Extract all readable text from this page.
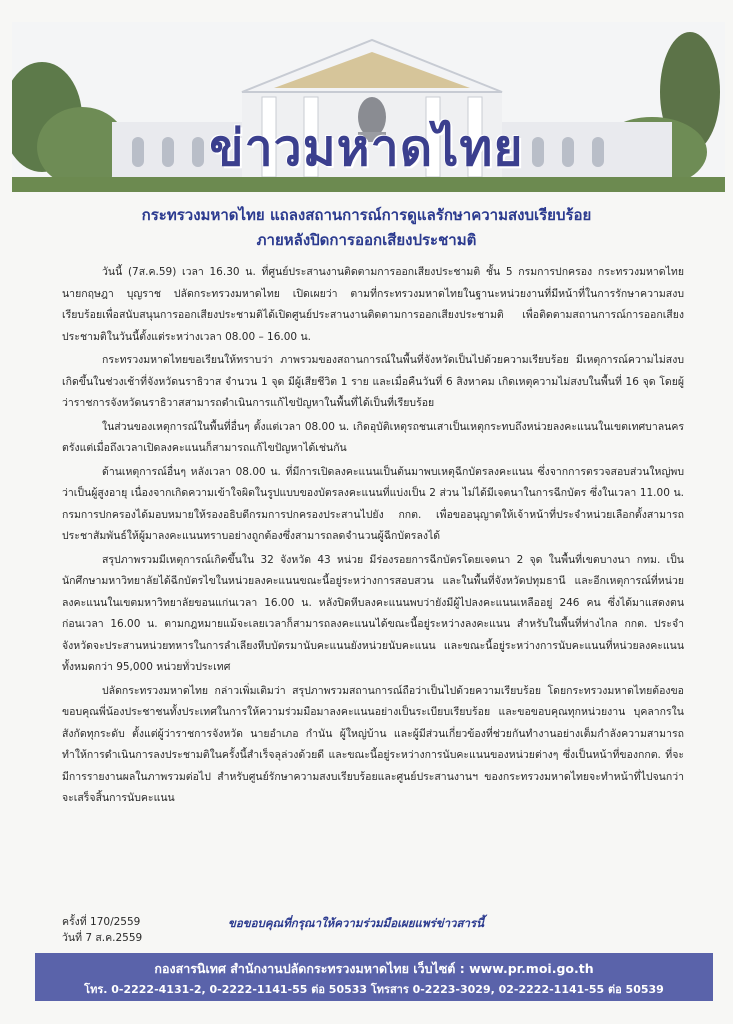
ข่าวมหาดไทย
กระทรวงมหาดไทย แถลงสถานการณ์การดูแลรักษาความสงบเรียบร้อย
ภายหลังปิดการออกเสียงประชามติ

วันนี้ (7ส.ค.59) เวลา 16.30 น. ที่ศูนย์ประสานงานติดตามการออกเสียงประชามติ ชั้น 5 กรมการปกครอง กระทรวงมหาดไทย นายกฤษฎา บุญราช ปลัดกระทรวงมหาดไทย เปิดเผยว่า ตามที่กระทรวงมหาดไทยในฐานะหน่วยงานที่มีหน้าที่ในการรักษาความสงบเรียบร้อยเพื่อสนับสนุนการออกเสียงประชามติได้เปิดศูนย์ประสานงานติดตามการออกเสียงประชามติ เพื่อติดตามสถานการณ์การออกเสียงประชามติในวันนี้ตั้งแต่ระหว่างเวลา 08.00 – 16.00 น.

กระทรวงมหาดไทยขอเรียนให้ทราบว่า ภาพรวมของสถานการณ์ในพื้นที่จังหวัดเป็นไปด้วยความเรียบร้อย มีเหตุการณ์ความไม่สงบเกิดขึ้นในช่วงเช้าที่จังหวัดนราธิวาส จำนวน 1 จุด มีผู้เสียชีวิต 1 ราย และเมื่อคืนวันที่ 6 สิงหาคม เกิดเหตุความไม่สงบในพื้นที่ 16 จุด โดยผู้ว่าราชการจังหวัดนราธิวาสสามารถดำเนินการแก้ไขปัญหาในพื้นที่ได้เป็นที่เรียบร้อย

ในส่วนของเหตุการณ์ในพื้นที่อื่นๆ ตั้งแต่เวลา 08.00 น. เกิดอุบัติเหตุรถชนเสาเป็นเหตุกระทบถึงหน่วยลงคะแนนในเขตเทศบาลนครตรังแต่เมื่อถึงเวลาเปิดลงคะแนนก็สามารถแก้ไขปัญหาได้เช่นกัน

ด้านเหตุการณ์อื่นๆ หลังเวลา 08.00 น. ที่มีการเปิดลงคะแนนเป็นต้นมาพบเหตุฉีกบัตรลงคะแนน ซึ่งจากการตรวจสอบส่วนใหญ่พบว่าเป็นผู้สูงอายุ เนื่องจากเกิดความเข้าใจผิดในรูปแบบของบัตรลงคะแนนที่แบ่งเป็น 2 ส่วน ไม่ได้มีเจตนาในการฉีกบัตร ซึ่งในเวลา 11.00 น. กรมการปกครองได้มอบหมายให้รองอธิบดีกรมการปกครองประสานไปยัง กกต. เพื่อขออนุญาตให้เจ้าหน้าที่ประจำหน่วยเลือกตั้งสามารถประชาสัมพันธ์ให้ผู้มาลงคะแนนทราบอย่างถูกต้องซึ่งสามารถลดจำนวนผู้ฉีกบัตรลงได้

สรุปภาพรวมมีเหตุการณ์เกิดขึ้นใน 32 จังหวัด 43 หน่วย มีร่องรอยการฉีกบัตรโดยเจตนา 2 จุด ในพื้นที่เขตบางนา กทม. เป็นนักศึกษามหาวิทยาลัยได้ฉีกบัตรไขในหน่วยลงคะแนนขณะนี้อยู่ระหว่างการสอบสวน และในพื้นที่จังหวัดปทุมธานี และอีกเหตุการณ์ที่หน่วยลงคะแนนในเขตมหาวิทยาลัยขอนแก่นเวลา 16.00 น. หลังปิดหีบลงคะแนนพบว่ายังมีผู้ไปลงคะแนนเหลืออยู่ 246 คน ซึ่งได้มาแสดงตน ก่อนเวลา 16.00 น. ตามกฎหมายแม้จะเลยเวลาก็สามารถลงคะแนนได้ขณะนี้อยู่ระหว่างลงคะแนน สำหรับในพื้นที่ห่างไกล กกต. ประจำจังหวัดจะประสานหน่วยทหารในการลำเลียงหีบบัตรมานับคะแนนยังหน่วยนับคะแนน และขณะนี้อยู่ระหว่างการนับคะแนนที่หน่วยลงคะแนนทั้งหมดกว่า 95,000 หน่วยทั่วประเทศ

ปลัดกระทรวงมหาดไทย กล่าวเพิ่มเติมว่า สรุปภาพรวมสถานการณ์ถือว่าเป็นไปด้วยความเรียบร้อย โดยกระทรวงมหาดไทยต้องขอขอบคุณพี่น้องประชาชนทั้งประเทศในการให้ความร่วมมือมาลงคะแนนอย่างเป็นระเบียบเรียบร้อย และขอขอบคุณทุกหน่วยงาน บุคลากรในสังกัดทุกระดับ ตั้งแต่ผู้ว่าราชการจังหวัด นายอำเภอ กำนัน ผู้ใหญ่บ้าน และผู้มีส่วนเกี่ยวข้องที่ช่วยกันทำงานอย่างเต็มกำลังความสามารถทำให้การดำเนินการลงประชามติในครั้งนี้สำเร็จลุล่วงด้วยดี และขณะนี้อยู่ระหว่างการนับคะแนนของหน่วยต่างๆ ซึ่งเป็นหน้าที่ของกกต. ที่จะมีการรายงานผลในภาพรวมต่อไป สำหรับศูนย์รักษาความสงบเรียบร้อยและศูนย์ประสานงานฯ ของกระทรวงมหาดไทยจะทำหน้าที่ไปจนกว่าจะเสร็จสิ้นการนับคะแนน

ครั้งที่ 170/2559
วันที่ 7 ส.ค.2559
ขอขอบคุณที่กรุณาให้ความร่วมมือเผยแพร่ข่าวสารนี้
กองสารนิเทศ สำนักงานปลัดกระทรวงมหาดไทย เว็บไซต์ : www.pr.moi.go.th
โทร. 0-2222-4131-2, 0-2222-1141-55 ต่อ 50533 โทรสาร 0-2223-3029, 02-2222-1141-55 ต่อ 50539
